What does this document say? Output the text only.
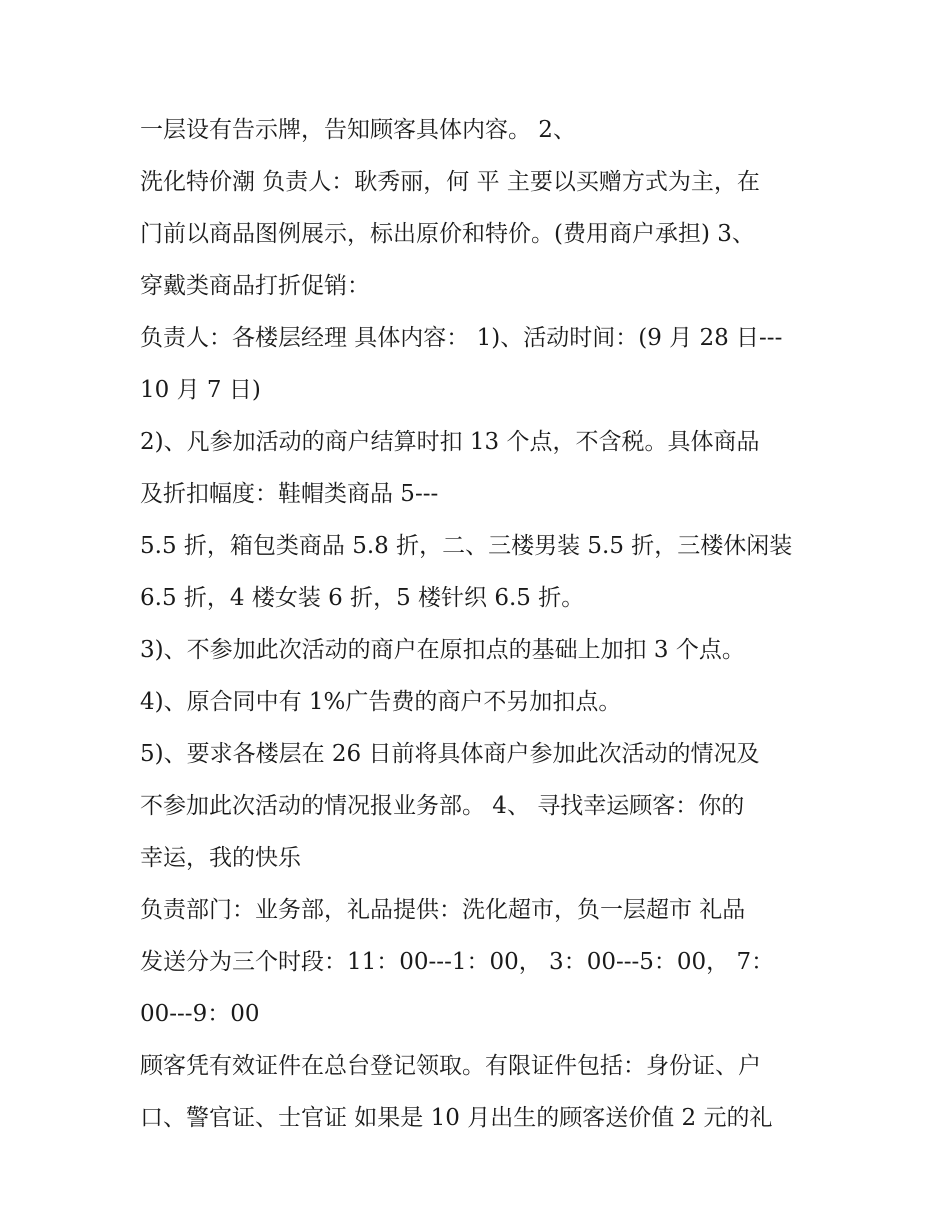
一层设有告示牌，告知顾客具体内容。 2、
洗化特价潮 负责人：耿秀丽，何 平 主要以买赠方式为主，在
门前以商品图例展示，标出原价和特价。(费用商户承担) 3、
穿戴类商品打折促销：
负责人：各楼层经理 具体内容： 1)、活动时间：(9 月 28 日---
10 月 7 日)
2)、凡参加活动的商户结算时扣 13 个点，不含税。具体商品
及折扣幅度：鞋帽类商品 5---
5.5 折，箱包类商品 5.8 折，二、三楼男装 5.5 折，三楼休闲装
6.5 折，4 楼女装 6 折，5 楼针织 6.5 折。
3)、不参加此次活动的商户在原扣点的基础上加扣 3 个点。
4)、原合同中有 1%广告费的商户不另加扣点。
5)、要求各楼层在 26 日前将具体商户参加此次活动的情况及
不参加此次活动的情况报业务部。 4、 寻找幸运顾客：你的
幸运，我的快乐
负责部门：业务部，礼品提供：洗化超市，负一层超市 礼品
发送分为三个时段：11：00---1：00， 3：00---5：00， 7：
00---9：00
顾客凭有效证件在总台登记领取。有限证件包括：身份证、户
口、警官证、士官证 如果是 10 月出生的顾客送价值 2 元的礼
